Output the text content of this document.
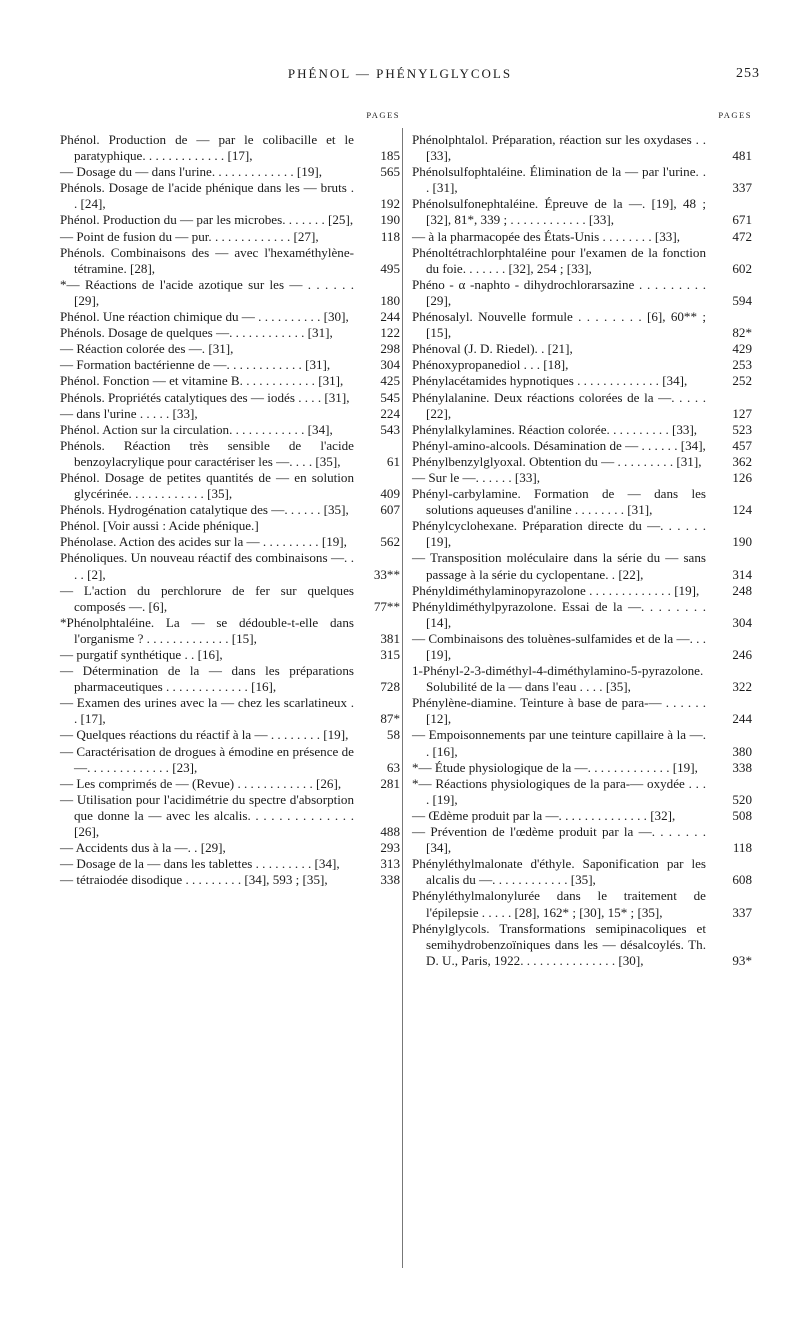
PHÉNOL — PHÉNYLGLYCOLS	253
PAGES
Phénol. Production de — par le colibacille et le paratyphique. . . . . . . . . . . . . [17],	185
— Dosage du — dans l'urine. . . . . . . . . . . . . [19],	565
Phénols. Dosage de l'acide phénique dans les — bruts . . [24],	192
Phénol. Production du — par les microbes. . . . . . . [25],	190
— Point de fusion du — pur. . . . . . . . . . . . . [27],	118
Phénols. Combinaisons des — avec l'hexaméthylène-tétramine. [28],	495
*— Réactions de l'acide azotique sur les — . . . . . . [29],	180
Phénol. Une réaction chimique du — . . . . . . . . . . [30],	244
Phénols. Dosage de quelques —. . . . . . . . . . . . [31],	122
— Réaction colorée des —. [31],	298
— Formation bactérienne de —. . . . . . . . . . . . [31],	304
Phénol. Fonction — et vitamine B. . . . . . . . . . . . [31],	425
Phénols. Propriétés catalytiques des — iodés . . . . [31],	545
— dans l'urine . . . . . [33],	224
Phénol. Action sur la circulation. . . . . . . . . . . . [34],	543
Phénols. Réaction très sensible de l'acide benzoylacrylique pour caractériser les —. . . . [35],	61
Phénol. Dosage de petites quantités de — en solution glycérinée. . . . . . . . . . . . [35],	409
Phénols. Hydrogénation catalytique des —. . . . . . [35],	607
Phénol. [Voir aussi : Acide phénique.]
Phénolase. Action des acides sur la — . . . . . . . . . [19],	562
Phénoliques. Un nouveau réactif des combinaisons —. . . . [2],	33**
— L'action du perchlorure de fer sur quelques composés —. [6],	77**
*Phénolphtaléine. La — se dédouble-t-elle dans l'organisme ? . . . . . . . . . . . . . [15],	381
— purgatif synthétique . . [16],	315
— Détermination de la — dans les préparations pharmaceutiques . . . . . . . . . . . . . [16],	728
— Examen des urines avec la — chez les scarlatineux . . [17],	87*
— Quelques réactions du réactif à la — . . . . . . . . [19],	58
— Caractérisation de drogues à émodine en présence de —. . . . . . . . . . . . . [23],	63
— Les comprimés de — (Revue) . . . . . . . . . . . . [26],	281
— Utilisation pour l'acidimétrie du spectre d'absorption que donne la — avec les alcalis. . . . . . . . . . . . . . [26],	488
— Accidents dus à la —. . [29],	293
— Dosage de la — dans les tablettes . . . . . . . . . [34],	313
— tétraiodée disodique . . . . . . . . . [34], 593 ; [35],	338
PAGES
Phénolphtalol. Préparation, réaction sur les oxydases . . [33],	481
Phénolsulfophtaléine. Élimination de la — par l'urine. . . [31],	337
Phénolsulfonephtaléine. Épreuve de la —. [19], 48 ; [32], 81*, 339 ; . . . . . . . . . . . . [33],	671
— à la pharmacopée des États-Unis . . . . . . . . [33],	472
Phénoltétrachlorphtaléine pour l'examen de la fonction du foie. . . . . . . [32], 254 ; [33],	602
Phéno - α -naphto - dihydrochlorarsazine . . . . . . . . . [29],	594
Phénosalyl. Nouvelle formule . . . . . . . . [6], 60** ; [15],	82*
Phénoval (J. D. Riedel). . [21],	429
Phénoxypropanediol . . . [18],	253
Phénylacétamides hypnotiques . . . . . . . . . . . . . [34],	252
Phénylalanine. Deux réactions colorées de la —. . . . . [22],	127
Phénylalkylamines. Réaction colorée. . . . . . . . . . [33],	523
Phényl-amino-alcools. Désamination de — . . . . . . [34],	457
Phénylbenzylglyoxal. Obtention du — . . . . . . . . . [31],	362
— Sur le —. . . . . . [33],	126
Phényl-carbylamine. Formation de — dans les solutions aqueuses d'aniline . . . . . . . . [31],	124
Phénylcyclohexane. Préparation directe du —. . . . . . [19],	190
— Transposition moléculaire dans la série du — sans passage à la série du cyclopentane. . [22],	314
Phényldiméthylaminopyrazolone . . . . . . . . . . . . . [19],	248
Phényldiméthylpyrazolone. Essai de la —. . . . . . . . [14],	304
— Combinaisons des toluènes-sulfamides et de la —. . . [19],	246
1-Phényl-2-3-diméthyl-4-diméthylamino-5-pyrazolone. Solubilité de la — dans l'eau . . . . [35],	322
Phénylène-diamine. Teinture à base de para-— . . . . . . [12],	244
— Empoisonnements par une teinture capillaire à la —. . [16],	380
*— Étude physiologique de la —. . . . . . . . . . . . . [19],	338
*— Réactions physiologiques de la para-— oxydée . . . . [19],	520
— Œdème produit par la —. . . . . . . . . . . . . . [32],	508
— Prévention de l'œdème produit par la —. . . . . . . [34],	118
Phényléthylmalonate d'éthyle. Saponification par les alcalis du —. . . . . . . . . . . . [35],	608
Phényléthylmalonylurée dans le traitement de l'épilepsie . . . . . [28], 162* ; [30], 15* ; [35],	337
Phénylglycols. Transformations semipinacoliques et semihydrobenzoïniques dans les — désalcoylés. Th. D. U., Paris, 1922. . . . . . . . . . . . . . . [30],	93*
